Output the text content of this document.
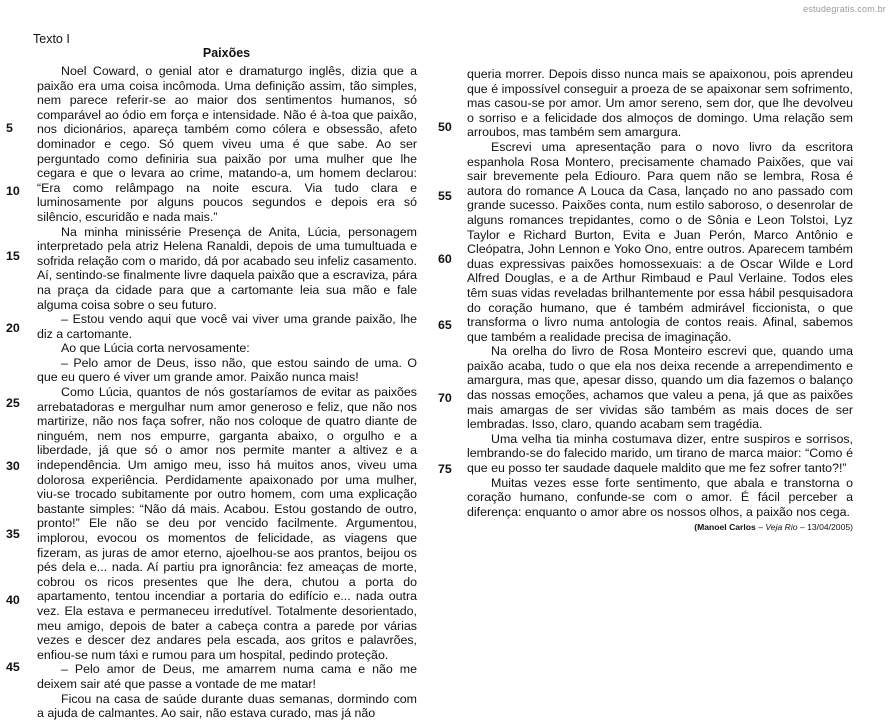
estudegratis.com.br
Texto I
Paixões

Noel Coward, o genial ator e dramaturgo inglês, dizia que a paixão era uma coisa incômoda. Uma definição assim, tão simples, nem parece referir-se ao maior dos sentimentos humanos, só comparável ao ódio em força e intensidade. Não é à-toa que paixão, nos dicionários, apareça também como cólera e obsessão, afeto dominador e cego. Só quem viveu uma é que sabe. Ao ser perguntado como definiria sua paixão por uma mulher que lhe cegara e que o levara ao crime, matando-a, um homem declarou: “Era como relâmpago na noite escura. Via tudo clara e luminosamente por alguns poucos segundos e depois era só silêncio, escuridão e nada mais.”

Na minha minissérie Presença de Anita, Lúcia, personagem interpretado pela atriz Helena Ranaldi, depois de uma tumultuada e sofrida relação com o marido, dá por acabado seu infeliz casamento. Aí, sentindo-se finalmente livre daquela paixão que a escraviza, pára na praça da cidade para que a cartomante leia sua mão e fale alguma coisa sobre o seu futuro.

– Estou vendo aqui que você vai viver uma grande paixão, lhe diz a cartomante.

Ao que Lúcia corta nervosamente:

– Pelo amor de Deus, isso não, que estou saindo de uma. O que eu quero é viver um grande amor. Paixão nunca mais!

Como Lúcia, quantos de nós gostaríamos de evitar as paixões arrebatadoras e mergulhar num amor generoso e feliz, que não nos martirize, não nos faça sofrer, não nos coloque de quatro diante de ninguém, nem nos empurre, garganta abaixo, o orgulho e a liberdade, já que só o amor nos permite manter a altivez e a independência. Um amigo meu, isso há muitos anos, viveu uma dolorosa experiência. Perdidamente apaixonado por uma mulher, viu-se trocado subitamente por outro homem, com uma explicação bastante simples: “Não dá mais. Acabou. Estou gostando de outro, pronto!” Ele não se deu por vencido facilmente. Argumentou, implorou, evocou os momentos de felicidade, as viagens que fizeram, as juras de amor eterno, ajoelhou-se aos prantos, beijou os pés dela e... nada. Aí partiu pra ignorância: fez ameaças de morte, cobrou os ricos presentes que lhe dera, chutou a porta do apartamento, tentou incendiar a portaria do edifício e... nada outra vez. Ela estava e permaneceu irredutível. Totalmente desorientado, meu amigo, depois de bater a cabeça contra a parede por várias vezes e descer dez andares pela escada, aos gritos e palavrões, enfiou-se num táxi e rumou para um hospital, pedindo proteção.

– Pelo amor de Deus, me amarrem numa cama e não me deixem sair até que passe a vontade de me matar!

Ficou na casa de saúde durante duas semanas, dormindo com a ajuda de calmantes. Ao sair, não estava curado, mas já não

queria morrer. Depois disso nunca mais se apaixonou, pois aprendeu que é impossível conseguir a proeza de se apaixonar sem sofrimento, mas casou-se por amor. Um amor sereno, sem dor, que lhe devolveu o sorriso e a felicidade dos almoços de domingo. Uma relação sem arroubos, mas também sem amargura.

Escrevi uma apresentação para o novo livro da escritora espanhola Rosa Montero, precisamente chamado Paixões, que vai sair brevemente pela Ediouro. Para quem não se lembra, Rosa é autora do romance A Louca da Casa, lançado no ano passado com grande sucesso. Paixões conta, num estilo saboroso, o desenrolar de alguns romances trepidantes, como o de Sônia e Leon Tolstoi, Lyz Taylor e Richard Burton, Evita e Juan Perón, Marco Antônio e Cleópatra, John Lennon e Yoko Ono, entre outros. Aparecem também duas expressivas paixões homossexuais: a de Oscar Wilde e Lord Alfred Douglas, e a de Arthur Rimbaud e Paul Verlaine. Todos eles têm suas vidas reveladas brilhantemente por essa hábil pesquisadora do coração humano, que é também admirável ficcionista, o que transforma o livro numa antologia de contos reais. Afinal, sabemos que também a realidade precisa de imaginação.

Na orelha do livro de Rosa Monteiro escrevi que, quando uma paixão acaba, tudo o que ela nos deixa recende a arrependimento e amargura, mas que, apesar disso, quando um dia fazemos o balanço das nossas emoções, achamos que valeu a pena, já que as paixões mais amargas de ser vividas são também as mais doces de ser lembradas. Isso, claro, quando acabam sem tragédia.

Uma velha tia minha costumava dizer, entre suspiros e sorrisos, lembrando-se do falecido marido, um tirano de marca maior: “Como é que eu posso ter saudade daquele maldito que me fez sofrer tanto?!”

Muitas vezes esse forte sentimento, que abala e transtorna o coração humano, confunde-se com o amor. É fácil perceber a diferença: enquanto o amor abre os nossos olhos, a paixão nos cega.

(Manoel Carlos – Veja Rio – 13/04/2005)

5
10
15
20
25
30
35
40
45
50
55
60
65
70
75
